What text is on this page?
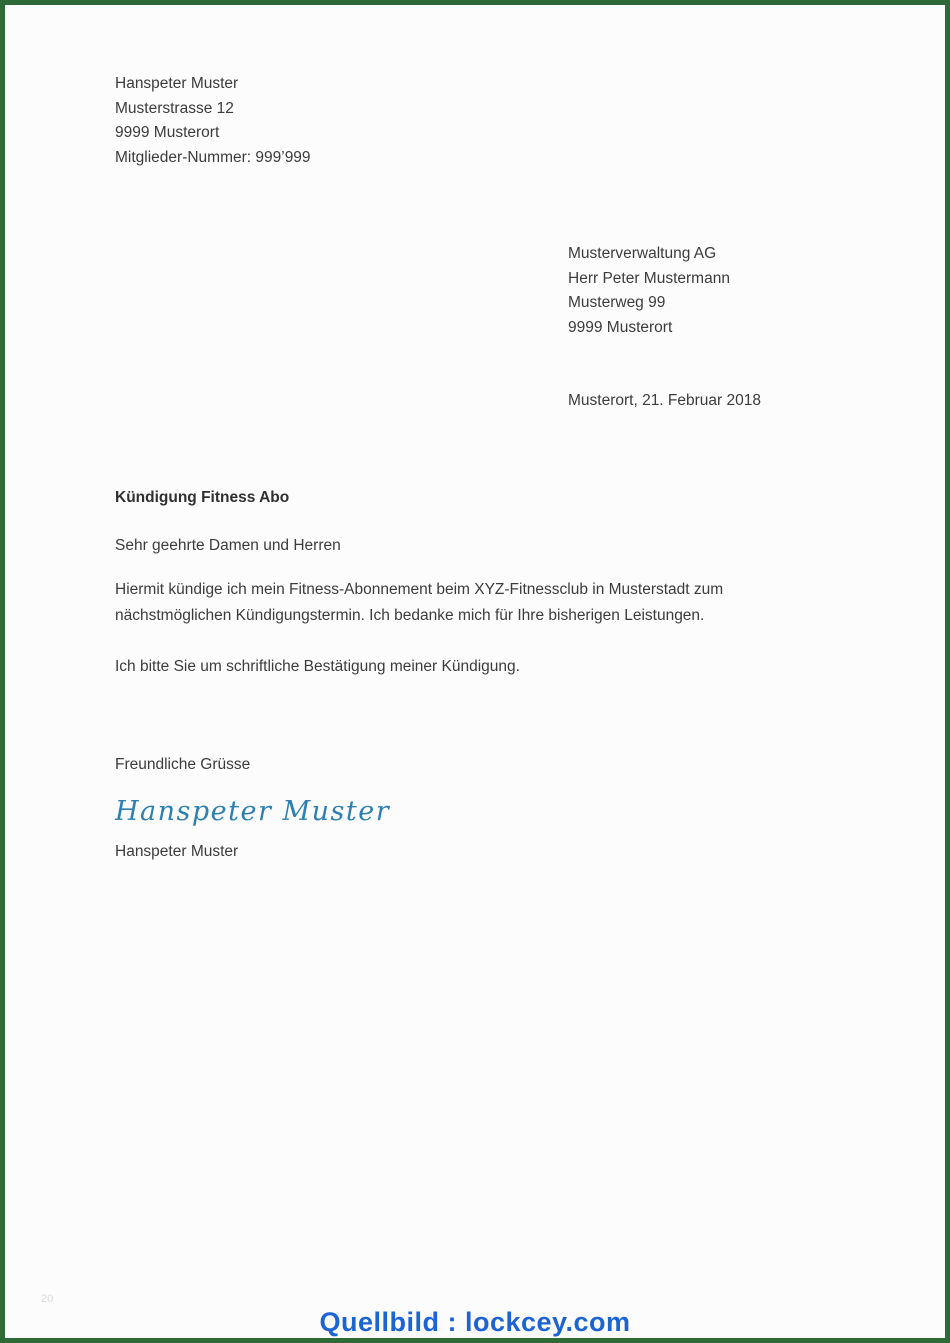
Hanspeter Muster
Musterstrasse 12
9999 Musterort
Mitglieder-Nummer: 999’999
Musterverwaltung AG
Herr Peter Mustermann
Musterweg 99
9999 Musterort
Musterort, 21. Februar 2018
Kündigung Fitness Abo
Sehr geehrte Damen und Herren
Hiermit kündige ich mein Fitness-Abonnement beim XYZ-Fitnessclub in Musterstadt zum nächstmöglichen Kündigungstermin. Ich bedanke mich für Ihre bisherigen Leistungen.
Ich bitte Sie um schriftliche Bestätigung meiner Kündigung.
Freundliche Grüsse
Hanspeter Muster
Hanspeter Muster
20
Quellbild : lockcey.com
